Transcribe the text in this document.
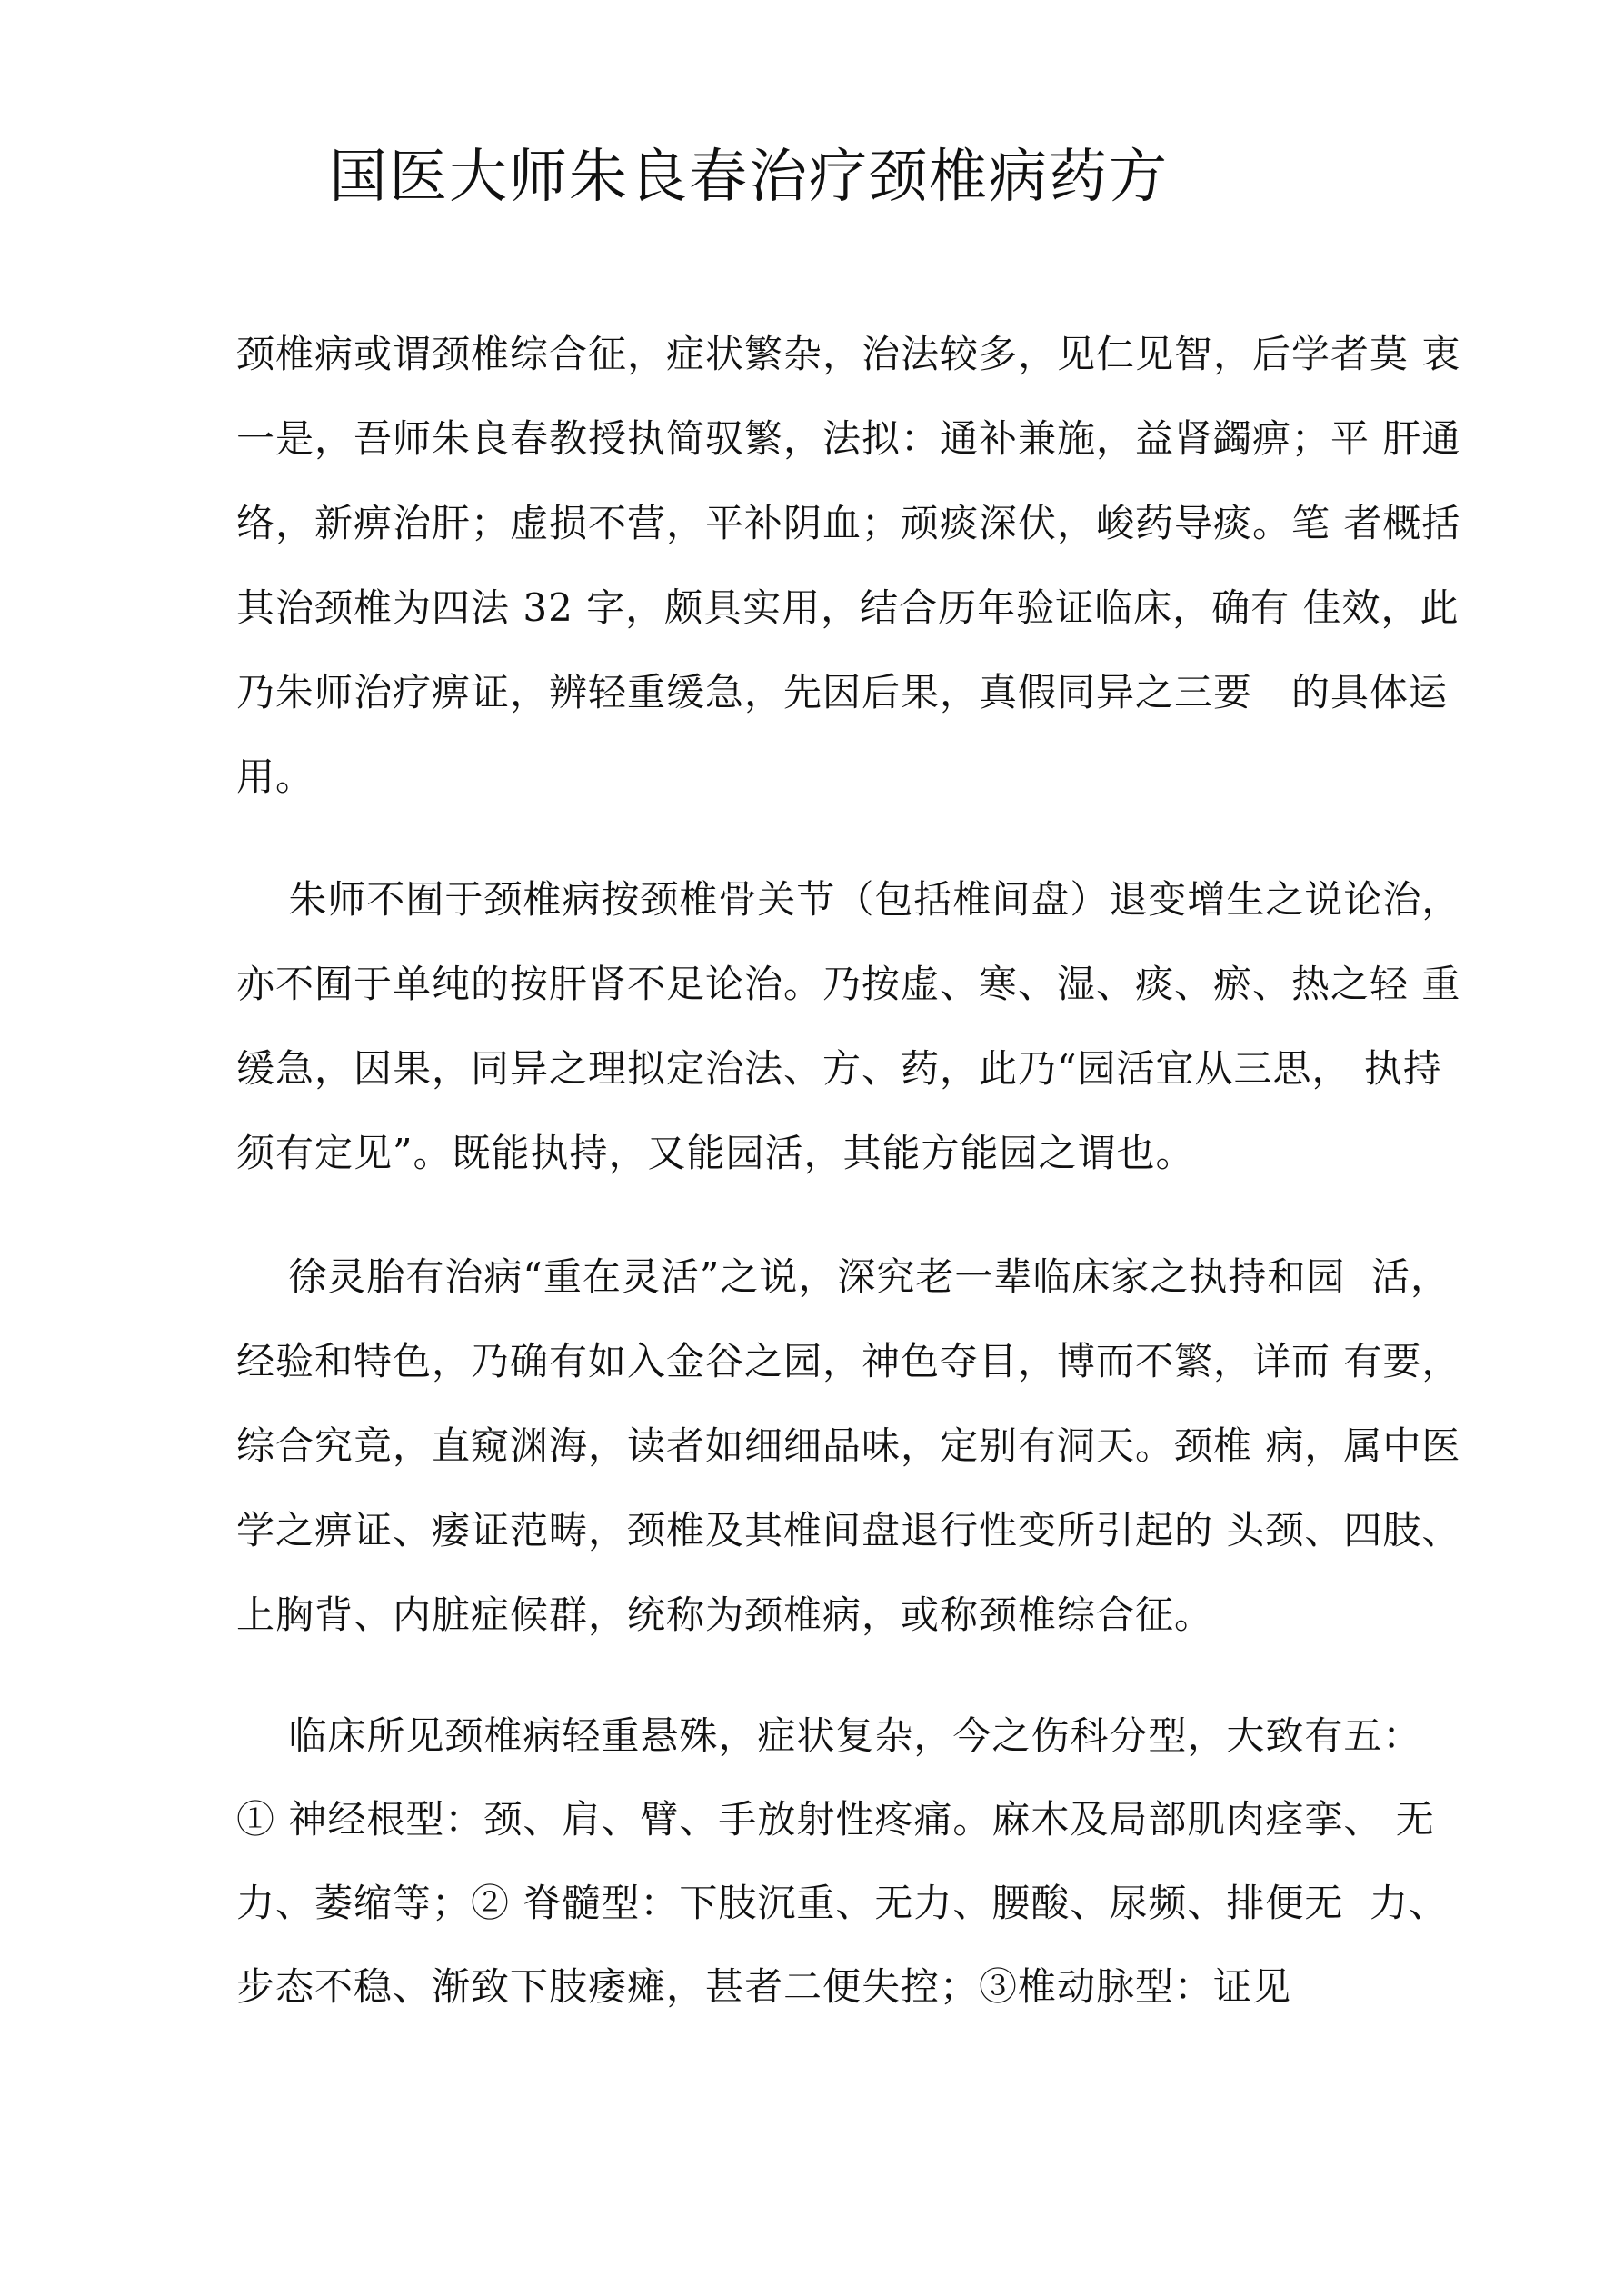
国医大师朱良春治疗颈椎病药方
颈椎病或谓颈椎综合征，症状繁杂，治法较多，见仁见智，后学者莫 衷
一是，吾师朱良春教授执简驭繁，法拟：通补兼施，益肾蠲痹；平 肝通
络，新痹治肝；虚损不营，平补阴血；顽痰深伏，峻药导痰。笔 者概括
其治颈椎为四法 32 字，颇具实用，结合历年验证临床，确有 佳效，此
乃朱师治疗痹证，辨轻重缓急，先因后果，真假同异之三要   的具体运
用。
朱师不囿于颈椎病按颈椎骨关节（包括椎间盘）退变增生之说论治，
亦不囿于单纯的按肝肾不足论治。乃按虚、寒、湿、痰、瘀、热之轻 重
缓急，因果，同异之理拟定治法、方、药，此乃“园活宜从三思， 执持
须有定见”。既能执持，又能园活，其能方能园之谓也。
徐灵胎有治病“重在灵活”之说，深究老一辈临床家之执持和园  活，
经验和特色，乃确有如入金谷之园，神色夺目，博而不繁，详而 有要，
综合究竟，直窥渊海，读者如细细品味，定别有洞天。颈椎 病，属中医
学之痹证、痿证范畴，颈椎及其椎间盘退行性变所引起的 头颈、四肢、
上胸背、内脏症候群，统称为颈椎病，或称颈椎综合征。
临床所见颈椎病轻重悬殊，症状复杂，今之伤科分型，大致有五：
① 神经根型：颈、肩、臂、手放射性疼痛。麻木及局部肌肉痉挛、 无
力、萎缩等；② 脊髓型：下肢沉重、无力、腰酸、尿频、排便无  力、
步态不稳、渐致下肢痿瘫，甚者二便失控；③椎动脉型：证见
